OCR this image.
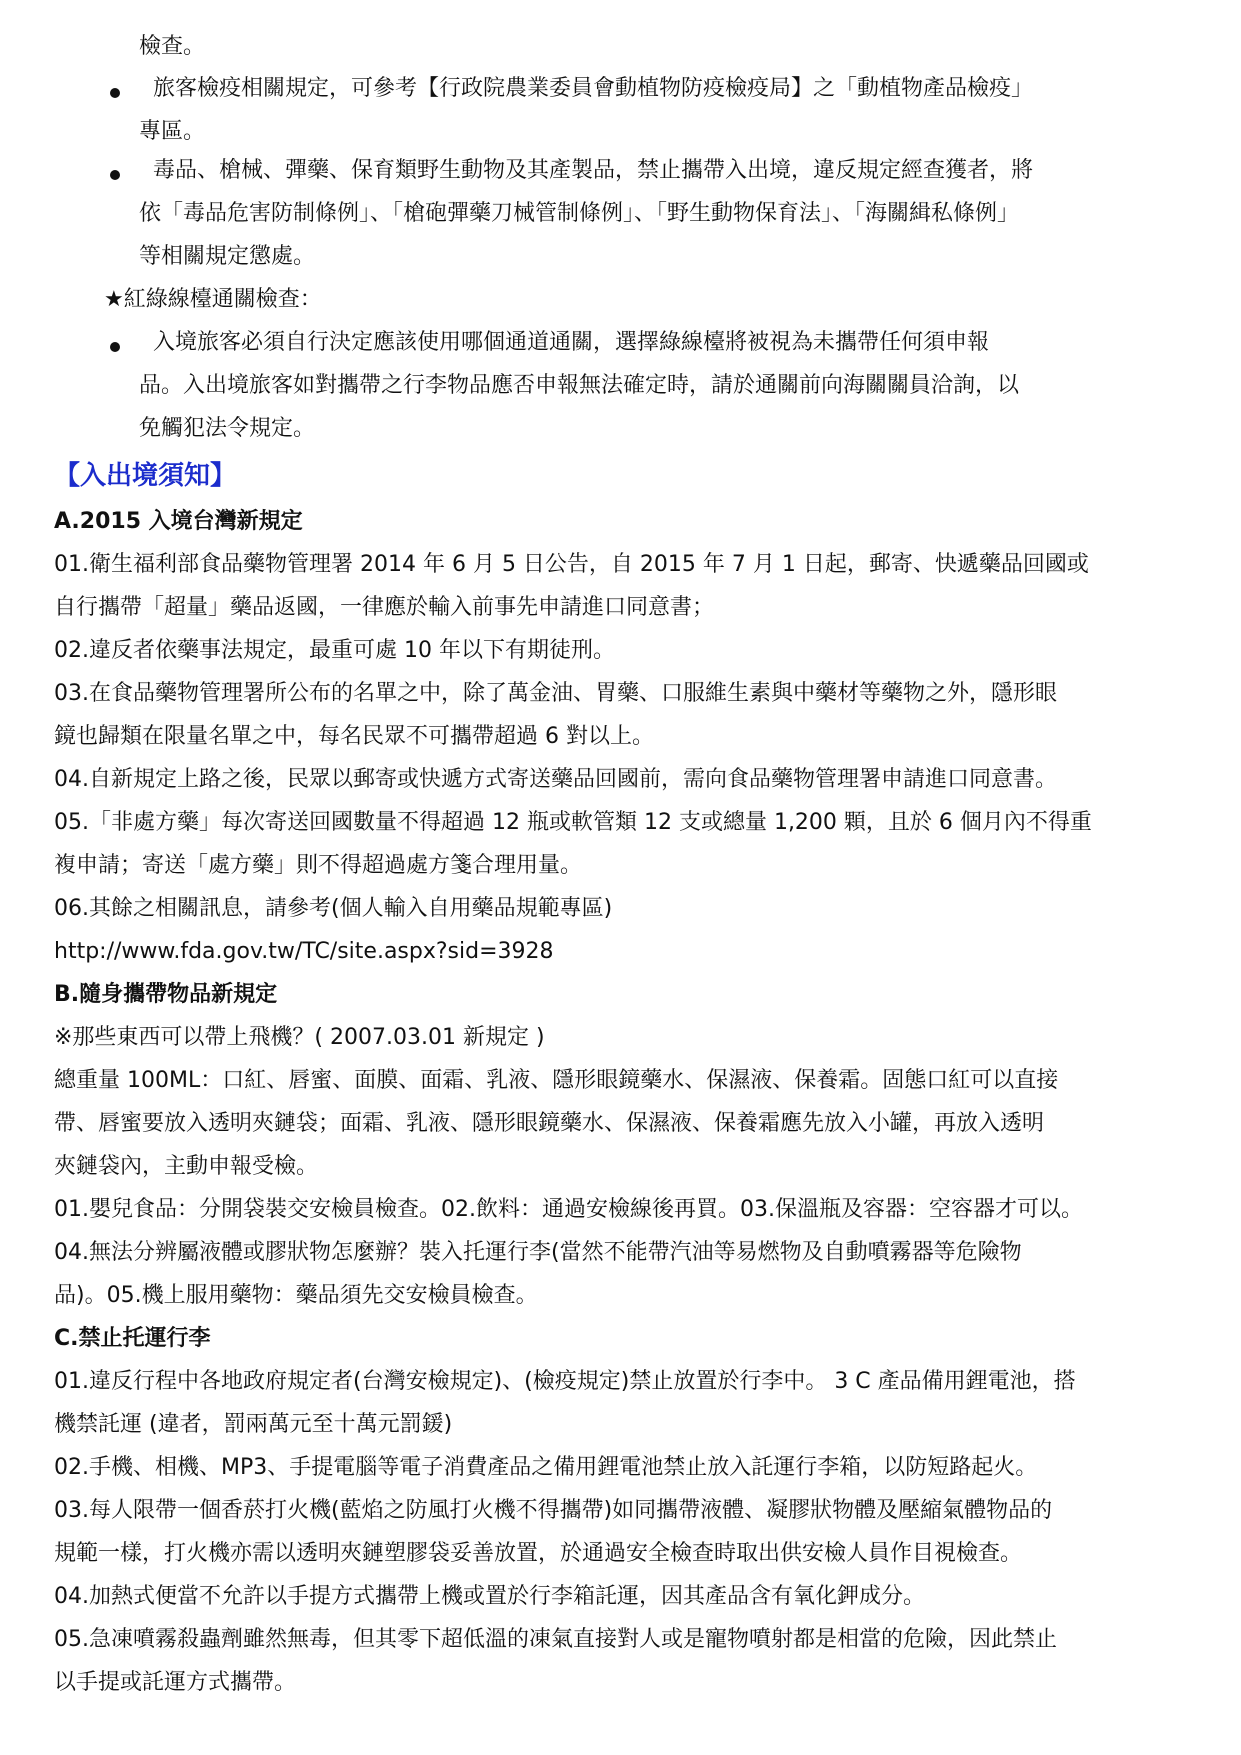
檢查。
旅客檢疫相關規定，可參考【行政院農業委員會動植物防疫檢疫局】之「動植物產品檢疫」
專區。
毒品、槍械、彈藥、保育類野生動物及其產製品，禁止攜帶入出境，違反規定經查獲者，將
依「毒品危害防制條例」、「槍砲彈藥刀械管制條例」、「野生動物保育法」、「海關緝私條例」
等相關規定懲處。
★紅綠線檯通關檢查：
入境旅客必須自行決定應該使用哪個通道通關，選擇綠線檯將被視為未攜帶任何須申報
品。入出境旅客如對攜帶之行李物品應否申報無法確定時，請於通關前向海關關員洽詢，以
免觸犯法令規定。
【入出境須知】
A.2015 入境台灣新規定
01.衛生福利部食品藥物管理署 2014 年 6 月 5 日公告，自 2015 年 7 月 1 日起，郵寄、快遞藥品回國或
自行攜帶「超量」藥品返國，一律應於輸入前事先申請進口同意書；
02.違反者依藥事法規定，最重可處 10 年以下有期徒刑。
03.在食品藥物管理署所公布的名單之中，除了萬金油、胃藥、口服維生素與中藥材等藥物之外，隱形眼
鏡也歸類在限量名單之中，每名民眾不可攜帶超過 6 對以上。
04.自新規定上路之後，民眾以郵寄或快遞方式寄送藥品回國前，需向食品藥物管理署申請進口同意書。
05.「非處方藥」每次寄送回國數量不得超過 12 瓶或軟管類 12 支或總量 1,200 顆，且於 6 個月內不得重
複申請；寄送「處方藥」則不得超過處方箋合理用量。
06.其餘之相關訊息，請參考(個人輸入自用藥品規範專區)
http://www.fda.gov.tw/TC/site.aspx?sid=3928
B.隨身攜帶物品新規定
※那些東西可以帶上飛機？( 2007.03.01 新規定 )
總重量 100ML：口紅、唇蜜、面膜、面霜、乳液、隱形眼鏡藥水、保濕液、保養霜。固態口紅可以直接
帶、唇蜜要放入透明夾鏈袋；面霜、乳液、隱形眼鏡藥水、保濕液、保養霜應先放入小罐，再放入透明
夾鏈袋內，主動申報受檢。
01.嬰兒食品：分開袋裝交安檢員檢查。02.飲料：通過安檢線後再買。03.保溫瓶及容器：空容器才可以。
04.無法分辨屬液體或膠狀物怎麼辦？裝入托運行李(當然不能帶汽油等易燃物及自動噴霧器等危險物
品)。05.機上服用藥物：藥品須先交安檢員檢查。
C.禁止托運行李
01.違反行程中各地政府規定者(台灣安檢規定)、(檢疫規定)禁止放置於行李中。 3 C 產品備用鋰電池，搭
機禁託運 (違者，罰兩萬元至十萬元罰鍰)
02.手機、相機、MP3、手提電腦等電子消費產品之備用鋰電池禁止放入託運行李箱，以防短路起火。
03.每人限帶一個香菸打火機(藍焰之防風打火機不得攜帶)如同攜帶液體、凝膠狀物體及壓縮氣體物品的
規範一樣，打火機亦需以透明夾鏈塑膠袋妥善放置，於通過安全檢查時取出供安檢人員作目視檢查。
04.加熱式便當不允許以手提方式攜帶上機或置於行李箱託運，因其產品含有氧化鉀成分。
05.急凍噴霧殺蟲劑雖然無毒，但其零下超低溫的凍氣直接對人或是寵物噴射都是相當的危險，因此禁止
以手提或託運方式攜帶。
